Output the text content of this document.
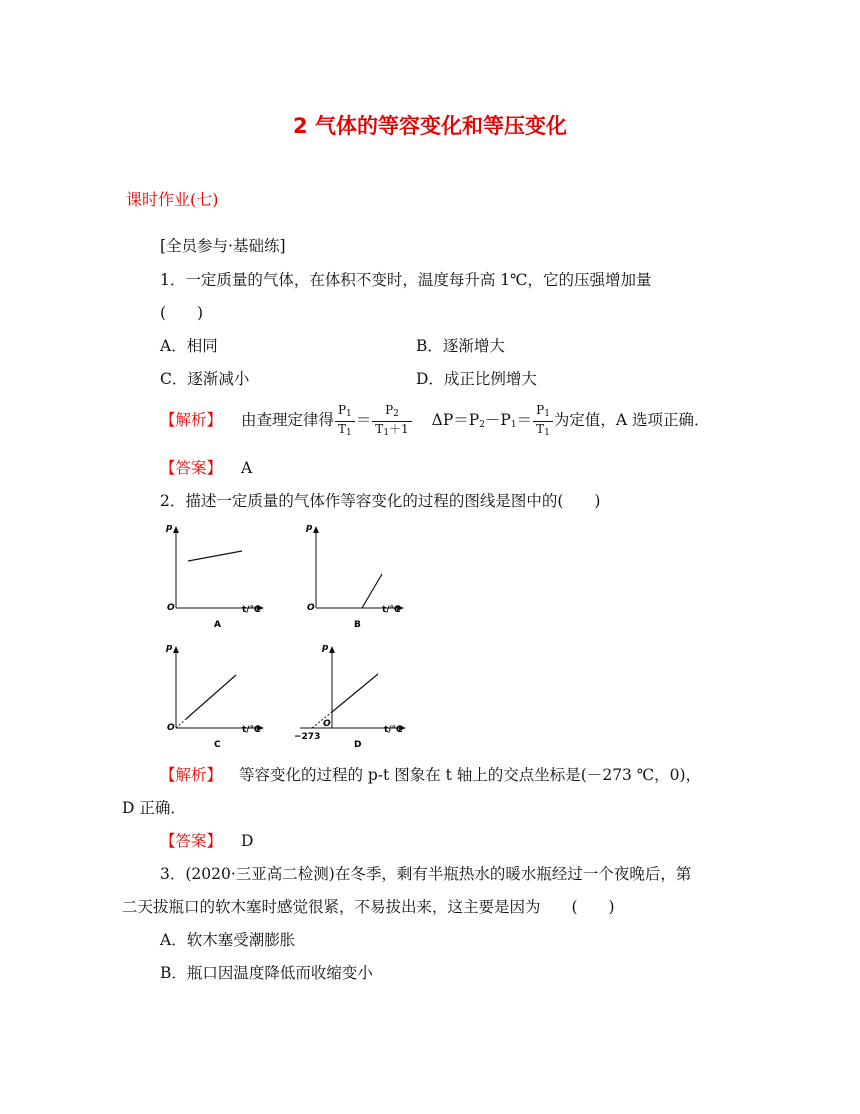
2 气体的等容变化和等压变化
课时作业(七)
[全员参与·基础练]
1．一定质量的气体，在体积不变时，温度每升高 1℃，它的压强增加量
(　　)
A．相同	B．逐渐增大
C．逐渐减小	D．成正比例增大
【解析】 由查理定律得 $\frac{P_1}{T_1} = \frac{P_2}{T_1+1} \Delta P=P_2-P_1= \frac{P_1}{T_1}$ 为定值，A 选项正确．
【答案】 A
2．描述一定质量的气体作等容变化的过程的图线是图中的(　　)
p
O	t/℃
A
p
O	t/℃
B
p
O	t/℃
C
p
O
−273
t/℃
D
【解析】 等容变化的过程的 p-t 图象在 t 轴上的交点坐标是(－273 ℃，0)，
D 正确．
【答案】 D
3．(2020·三亚高二检测)在冬季，剩有半瓶热水的暖水瓶经过一个夜晚后，第
二天拔瓶口的软木塞时感觉很紧，不易拔出来，这主要是因为　　(　　)
A．软木塞受潮膨胀
B．瓶口因温度降低而收缩变小
